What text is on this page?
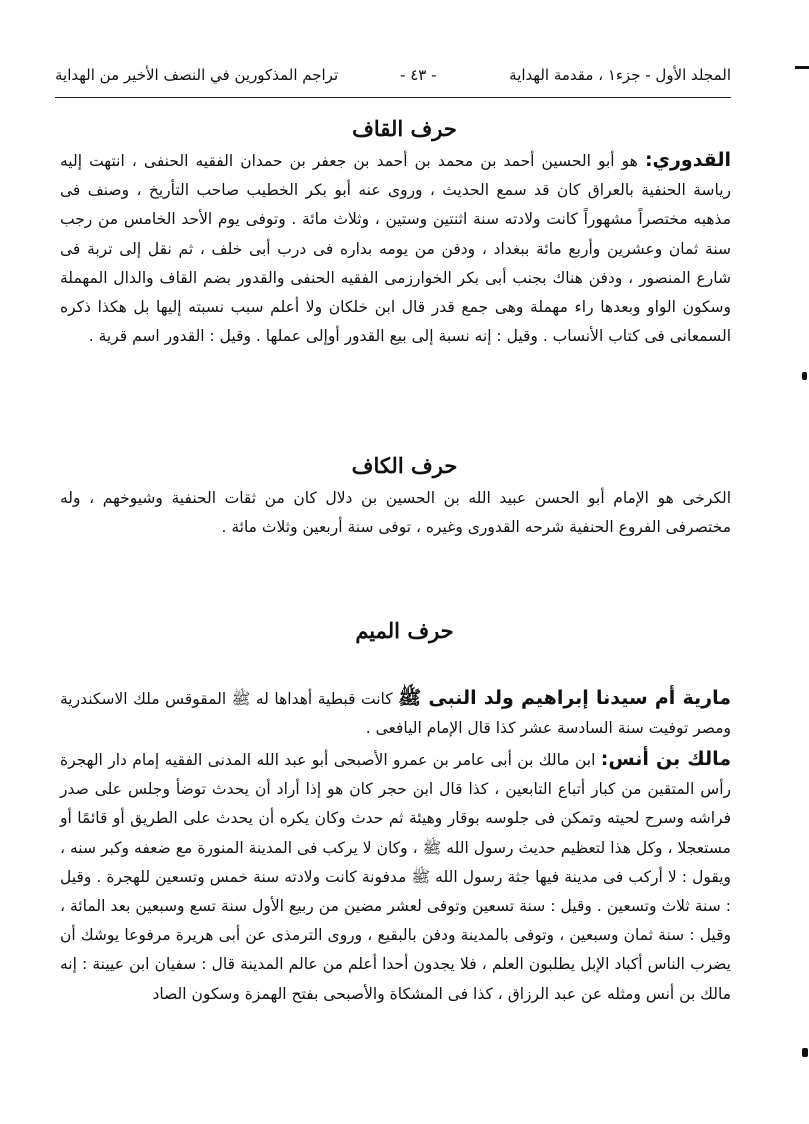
المجلد الأول - جزء١ ، مقدمة الهداية
- ٤٣ -
تراجم المذكورين في النصف الأخير من الهداية
حرف القاف
القدوري: هو أبو الحسين أحمد بن محمد بن أحمد بن جعفر بن حمدان الفقيه الحنفى ، انتهت إليه رياسة الحنفية بالعراق كان قد سمع الحديث ، وروى عنه أبو بكر الخطيب صاحب التأريخ ، وصنف فى مذهبه مختصراً مشهوراً كانت ولادته سنة اثنتين وستين ، وثلاث مائة . وتوفى يوم الأحد الخامس من رجب سنة ثمان وعشرين وأربع مائة ببغداد ، ودفن من يومه بداره فى درب أبى خلف ، ثم نقل إلى تربة فى شارع المنصور ، ودفن هناك بجنب أبى بكر الخوارزمى الفقيه الحنفى والقدور بضم القاف والدال المهملة وسكون الواو وبعدها راء مهملة وهى جمع قدر قال ابن خلكان ولا أعلم سبب نسبته إليها بل هكذا ذكره السمعانى فى كتاب الأنساب . وقيل : إنه نسبة إلى بيع القدور أوإلى عملها . وقيل : القدور اسم قرية .
حرف الكاف
الكرخى هو الإمام أبو الحسن عبيد الله بن الحسين بن دلال كان من ثقات الحنفية وشيوخهم ، وله مختصرفى الفروع الحنفية شرحه القدورى وغيره ، توفى سنة أربعين وثلاث مائة .
حرف الميم
مارية أم سيدنا إبراهيم ولد النبى ﷺ كانت قبطية أهداها له ﷺ المقوقس ملك الاسكندرية ومصر توفيت سنة السادسة عشر كذا قال الإمام اليافعى .
مالك بن أنس: ابن مالك بن أبى عامر بن عمرو الأصبحى أبو عبد الله المدنى الفقيه إمام دار الهجرة رأس المتقين من كبار أتباع التابعين ، كذا قال ابن حجر كان هو إذا أراد أن يحدث توضأ وجلس على صدر فراشه وسرح لحيته وتمكن فى جلوسه بوقار وهيئة ثم حدث وكان يكره أن يحدث على الطريق أو قائمًا أو مستعجلا ، وكل هذا لتعظيم حديث رسول الله ﷺ ، وكان لا يركب فى المدينة المنورة مع ضعفه وكبر سنه ، ويقول : لا أركب فى مدينة فيها جثة رسول الله ﷺ مدفونة كانت ولادته سنة خمس وتسعين للهجرة . وقيل : سنة ثلاث وتسعين . وقيل : سنة تسعين وتوفى لعشر مضين من ربيع الأول سنة تسع وسبعين بعد المائة ، وقيل : سنة ثمان وسبعين ، وتوفى بالمدينة ودفن بالبقيع ، وروى الترمذى عن أبى هريرة مرفوعا يوشك أن يضرب الناس أكباد الإبل يطلبون العلم ، فلا يجدون أحدا أعلم من عالم المدينة قال : سفيان ابن عيينة : إنه مالك بن أنس ومثله عن عبد الرزاق ، كذا فى المشكاة والأصبحى بفتح الهمزة وسكون الصاد
